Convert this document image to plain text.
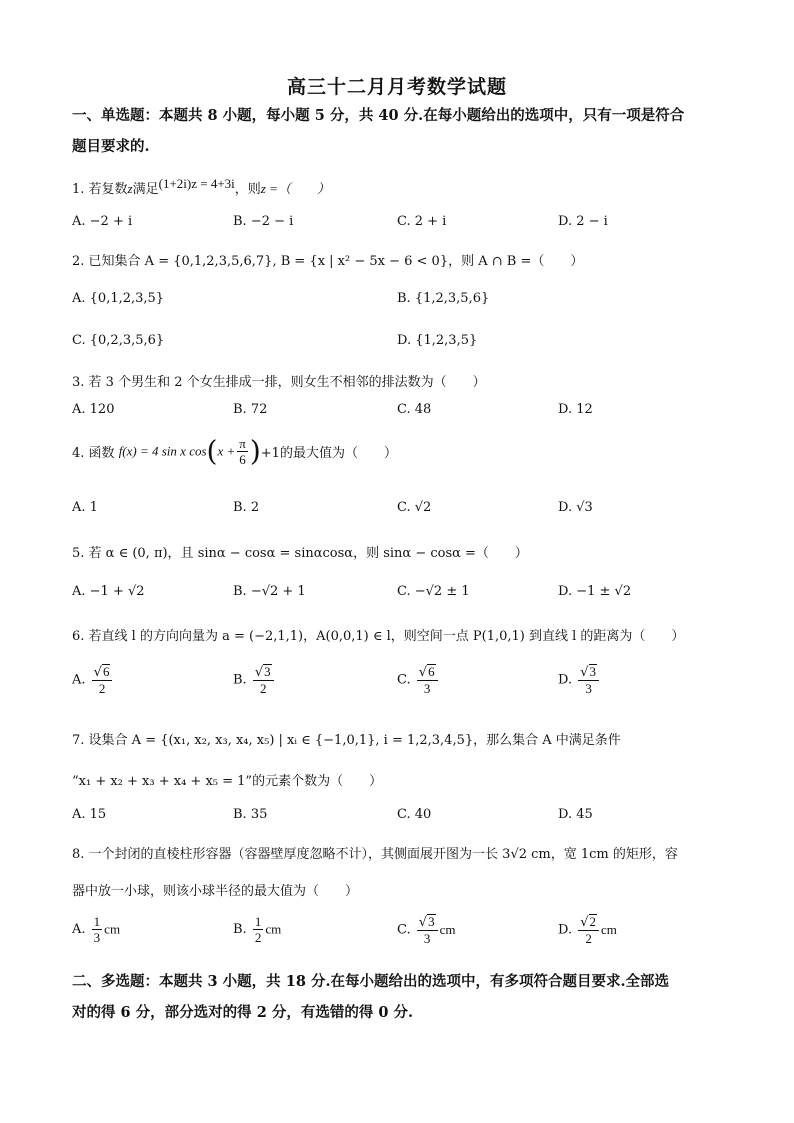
高三十二月月考数学试题
一、单选题：本题共 8 小题，每小题 5 分，共 40 分.在每小题给出的选项中，只有一项是符合
题目要求的.
1. 若复数z满足(1+2i)z = 4+3i，则z =（　　）
A. −2 + i	B. −2 − i	C. 2 + i	D. 2 − i
2. 已知集合 A = {0,1,2,3,5,6,7}, B = {x | x² − 5x − 6 < 0}，则 A ∩ B =（　　）
A. {0,1,2,3,5}	B. {1,2,3,5,6}
C. {0,2,3,5,6}	D. {1,2,3,5}
3. 若 3 个男生和 2 个女生排成一排，则女生不相邻的排法数为（　　）
A. 120	B. 72	C. 48	D. 12
4. 函数 f(x) = 4 sin x $\cos(x + \frac{\pi}{6} )+1$的最大值为（　　）
A. 1	B. 2	C. √2	D. √3
5. 若 α ∈ (0, π)，且 sinα − cosα = sinαcosα，则 sinα − cosα =（　　）
A. −1 + √2	B. −√2 + 1	C. −√2 ± 1	D. −1 ± √2
6. 若直线 l 的方向向量为 a = (−2,1,1)，A(0,0,1) ∈ l，则空间一点 P(1,0,1) 到直线 l 的距离为（　　）
A. $\frac{√6}{2}$	B. $\frac{√3}{2}$	C. $\frac{√6}{3}$	D. $\frac{√3}{3}$
7. 设集合 A = {(x₁, x₂, x₃, x₄, x₅) | xᵢ ∈ {−1,0,1}, i = 1,2,3,4,5}，那么集合 A 中满足条件
“x₁ + x₂ + x₃ + x₄ + x₅ = 1”的元素个数为（　　）
A. 15	B. 35	C. 40	D. 45
8. 一个封闭的直棱柱形容器（容器壁厚度忽略不计），其侧面展开图为一长 3√2 cm，宽 1cm 的矩形，容
器中放一小球，则该小球半径的最大值为（　　）
A. $\frac{1}{3}$ cm	B. $\frac{1}{2}$ cm	C. $\frac{√3}{3}$ cm	D. $\frac{√2}{2}$ cm
二、多选题：本题共 3 小题，共 18 分.在每小题给出的选项中，有多项符合题目要求.全部选
对的得 6 分，部分选对的得 2 分，有选错的得 0 分.
